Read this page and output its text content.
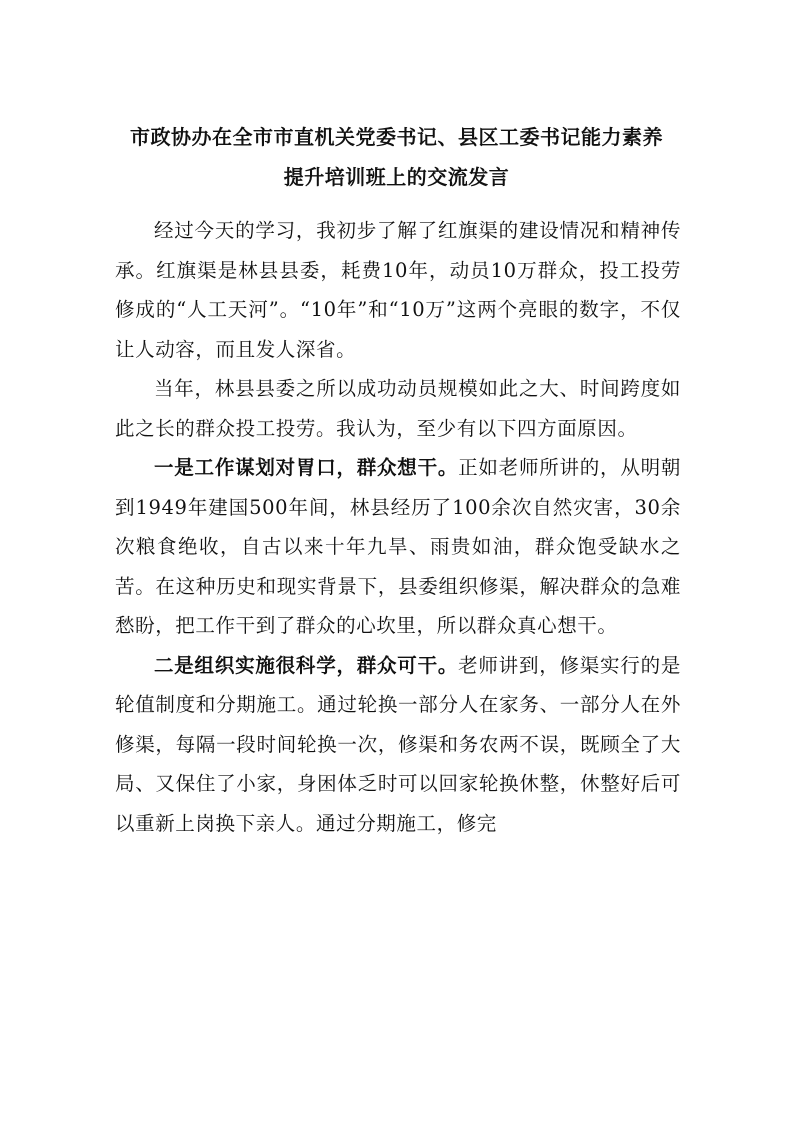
市政协办在全市市直机关党委书记、县区工委书记能力素养
提升培训班上的交流发言

经过今天的学习，我初步了解了红旗渠的建设情况和精神传承。红旗渠是林县县委，耗费10年，动员10万群众，投工投劳修成的“人工天河”。“10年”和“10万”这两个亮眼的数字，不仅让人动容，而且发人深省。

当年，林县县委之所以成功动员规模如此之大、时间跨度如此之长的群众投工投劳。我认为，至少有以下四方面原因。

一是工作谋划对胃口，群众想干。正如老师所讲的，从明朝到1949年建国500年间，林县经历了100余次自然灾害，30余次粮食绝收，自古以来十年九旱、雨贵如油，群众饱受缺水之苦。在这种历史和现实背景下，县委组织修渠，解决群众的急难愁盼，把工作干到了群众的心坎里，所以群众真心想干。

二是组织实施很科学，群众可干。老师讲到，修渠实行的是轮值制度和分期施工。通过轮换一部分人在家务、一部分人在外修渠，每隔一段时间轮换一次，修渠和务农两不误，既顾全了大局、又保住了小家，身困体乏时可以回家轮换休整，休整好后可以重新上岗换下亲人。通过分期施工，修完
